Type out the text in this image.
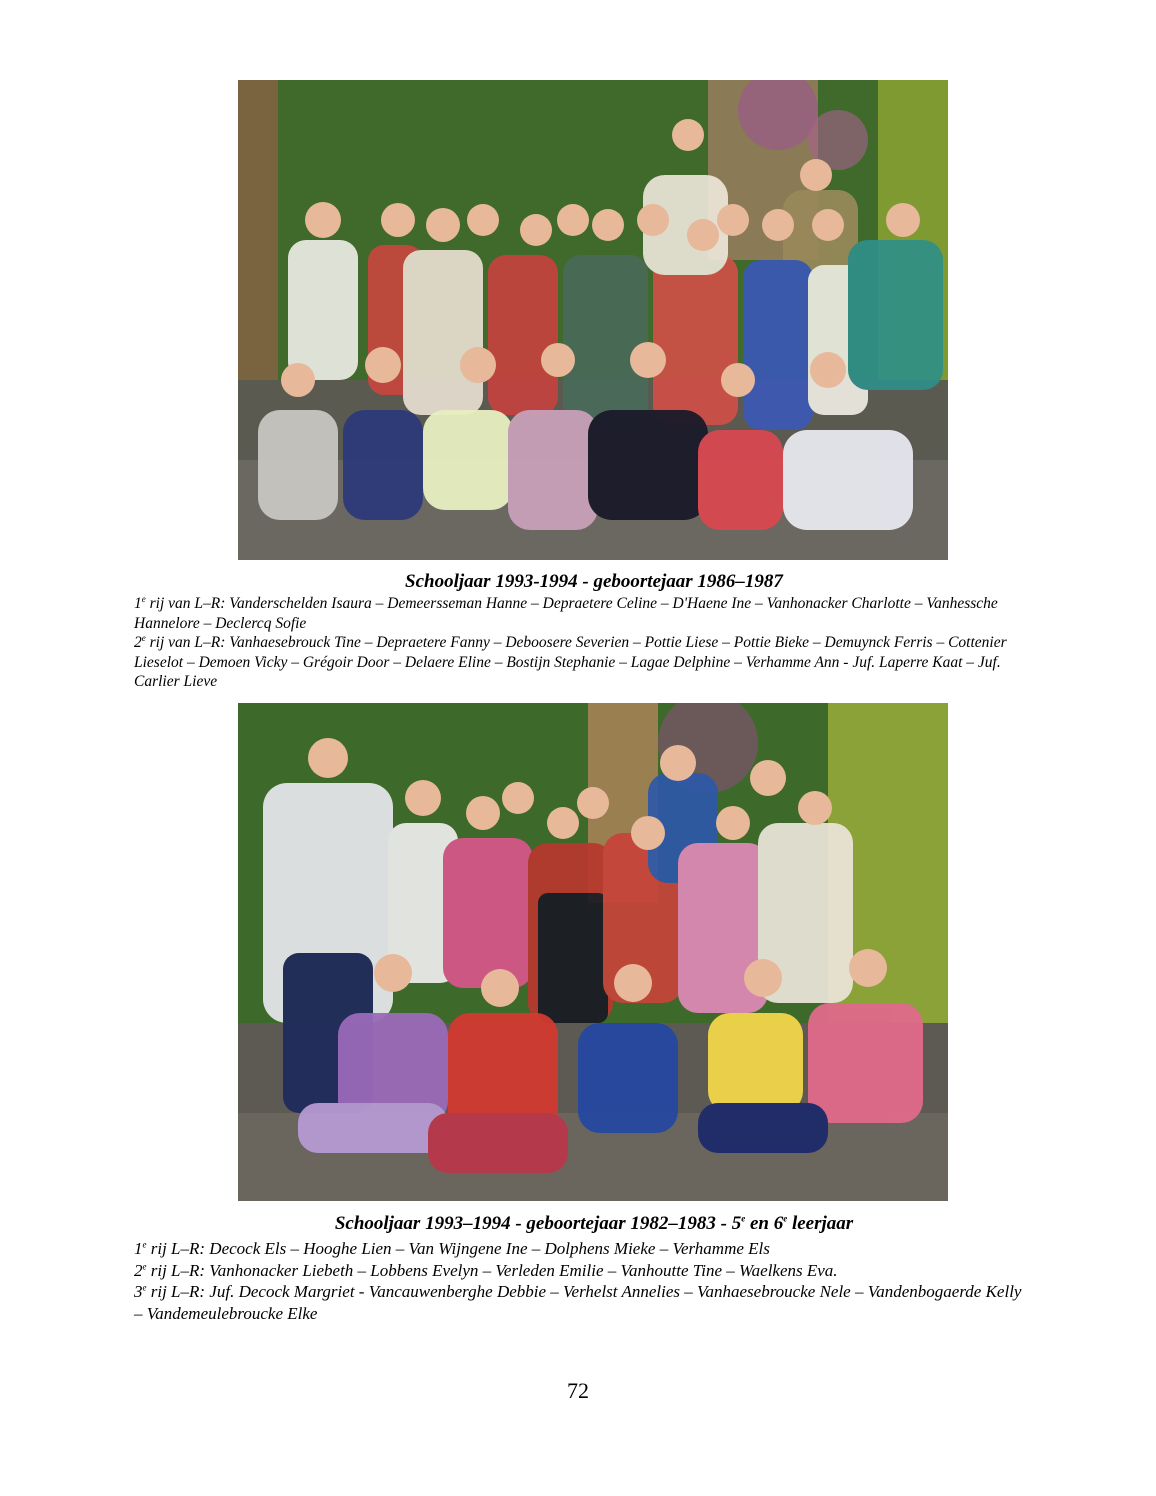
Schooljaar 1993-1994 - geboortejaar 1986–1987

1e rij van L–R: Vanderschelden Isaura – Demeersseman Hanne – Depraetere Celine – D'Haene Ine – Vanhonacker Charlotte – Vanhessche Hannelore – Declercq Sofie

2e rij van L–R: Vanhaesebrouck Tine – Depraetere Fanny – Deboosere Severien – Pottie Liese – Pottie Bieke – Demuynck Ferris – Cottenier Lieselot – Demoen Vicky – Grégoir Door – Delaere Eline – Bostijn Stephanie – Lagae Delphine – Verhamme Ann - Juf. Laperre Kaat – Juf. Carlier Lieve

Schooljaar 1993–1994 - geboortejaar 1982–1983 - 5e en 6e leerjaar

1e rij L–R: Decock Els – Hooghe Lien – Van Wijngene Ine – Dolphens Mieke – Verhamme Els

2e rij L–R: Vanhonacker Liebeth – Lobbens Evelyn – Verleden Emilie – Vanhoutte Tine – Waelkens Eva.

3e rij L–R: Juf. Decock Margriet - Vancauwenberghe Debbie – Verhelst Annelies – Vanhaesebroucke Nele – Vandenbogaerde Kelly – Vandemeulebroucke Elke

72
